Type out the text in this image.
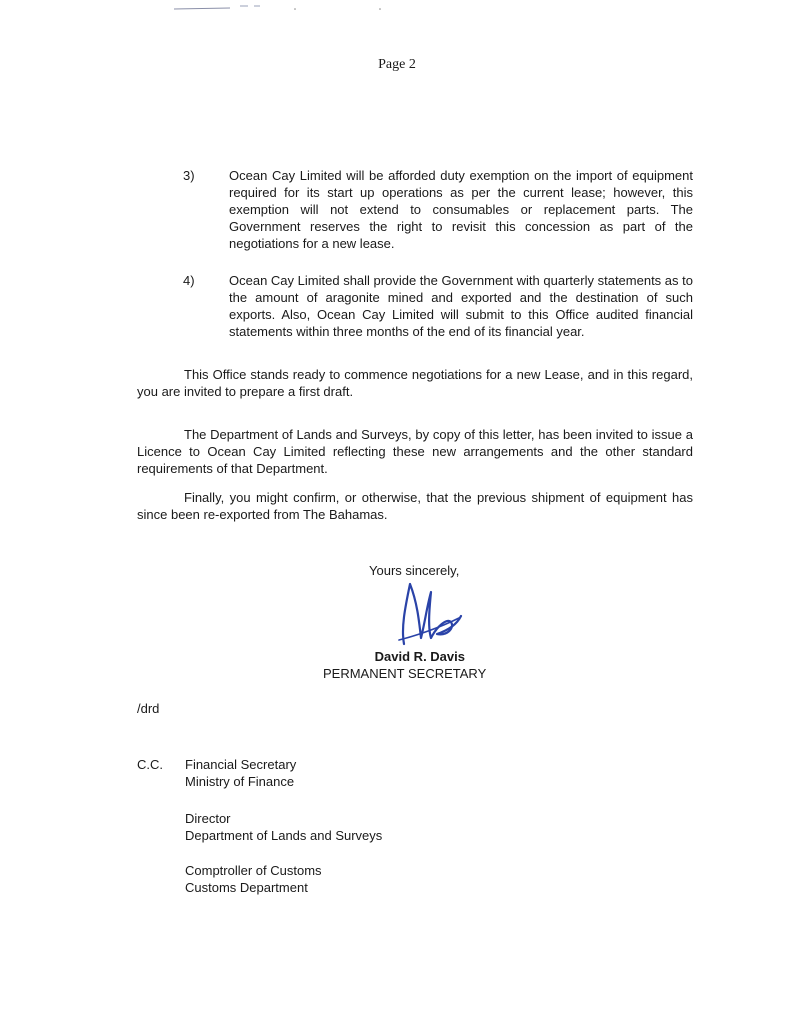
Page 2
3)	Ocean Cay Limited will be afforded duty exemption on the import of equipment required for its start up operations as per the current lease; however, this exemption will not extend to consumables or replacement parts. The Government reserves the right to revisit this concession as part of the negotiations for a new lease.
4)	Ocean Cay Limited shall provide the Government with quarterly statements as to the amount of aragonite mined and exported and the destination of such exports. Also, Ocean Cay Limited will submit to this Office audited financial statements within three months of the end of its financial year.
This Office stands ready to commence negotiations for a new Lease, and in this regard, you are invited to prepare a first draft.
The Department of Lands and Surveys, by copy of this letter, has been invited to issue a Licence to Ocean Cay Limited reflecting these new arrangements and the other standard requirements of that Department.
Finally, you might confirm, or otherwise, that the previous shipment of equipment has since been re-exported from The Bahamas.
Yours sincerely,
David R. Davis
PERMANENT SECRETARY
/drd
C.C. Financial Secretary
Ministry of Finance
Director
Department of Lands and Surveys
Comptroller of Customs
Customs Department
